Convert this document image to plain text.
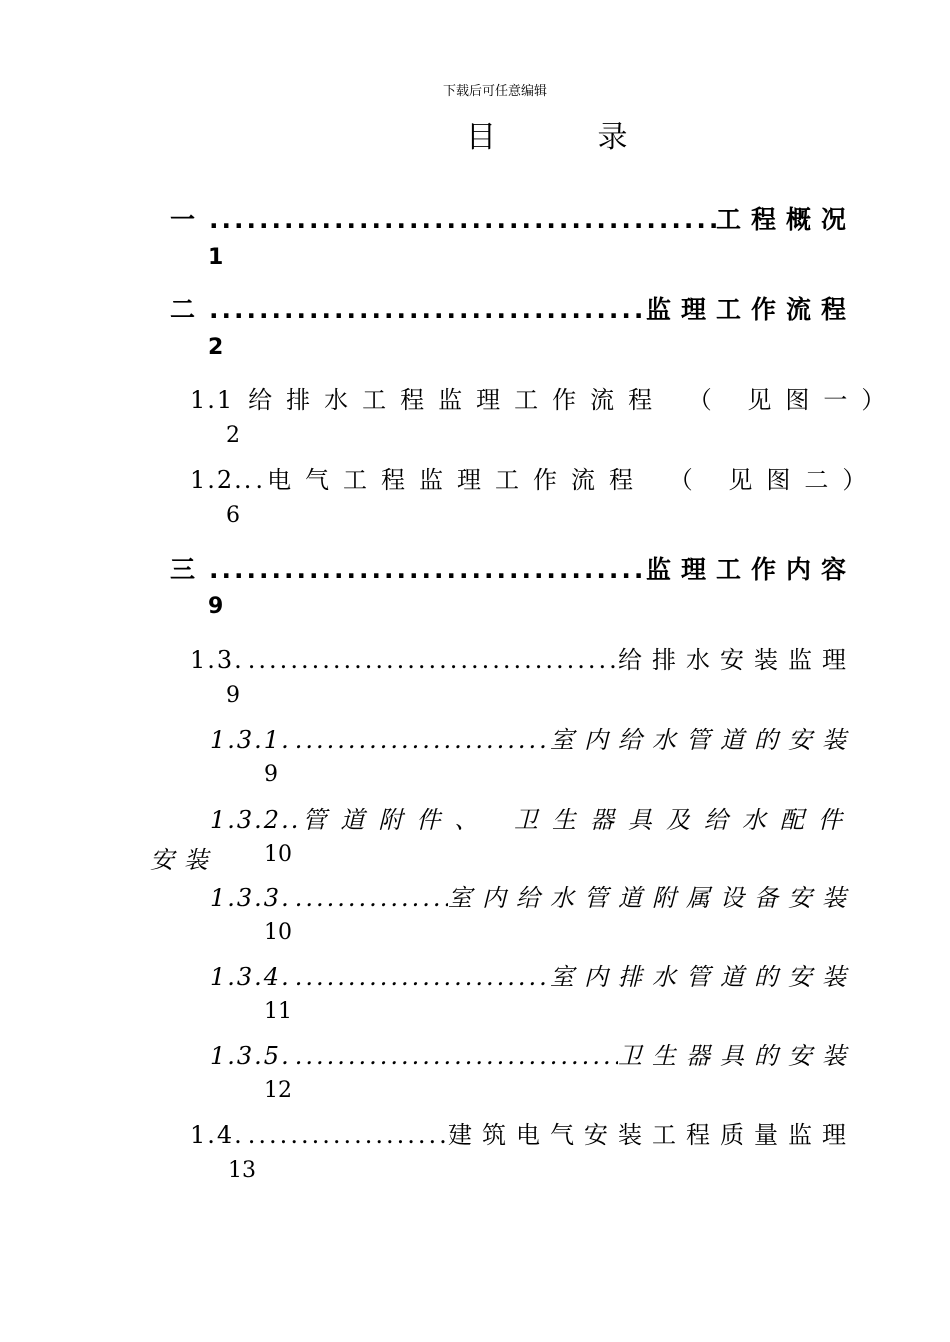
下载后可任意编辑
目 录
一 .....	工程概况
1
二 .....	监理工作流程
2
1.1 给排水工程监理工作流程 （ 见图一）
2
1.2. .. 电气工程监理工作流程 （ 见图二）
6
三 .....	监理工作内容
9
1.3. .....	给排水安装监理
9
1.3.1. .....	室内给水管道的安装
9
1.3.2. . 管道附件、 卫生器具及给水配件
安装 10
1.3.3. .....	室内给水管道附属设备安装
10
1.3.4. .....	室内排水管道的安装
11
1.3.5. .....	卫生器具的安装
12
1.4. .....	建筑电气安装工程质量监理
13
